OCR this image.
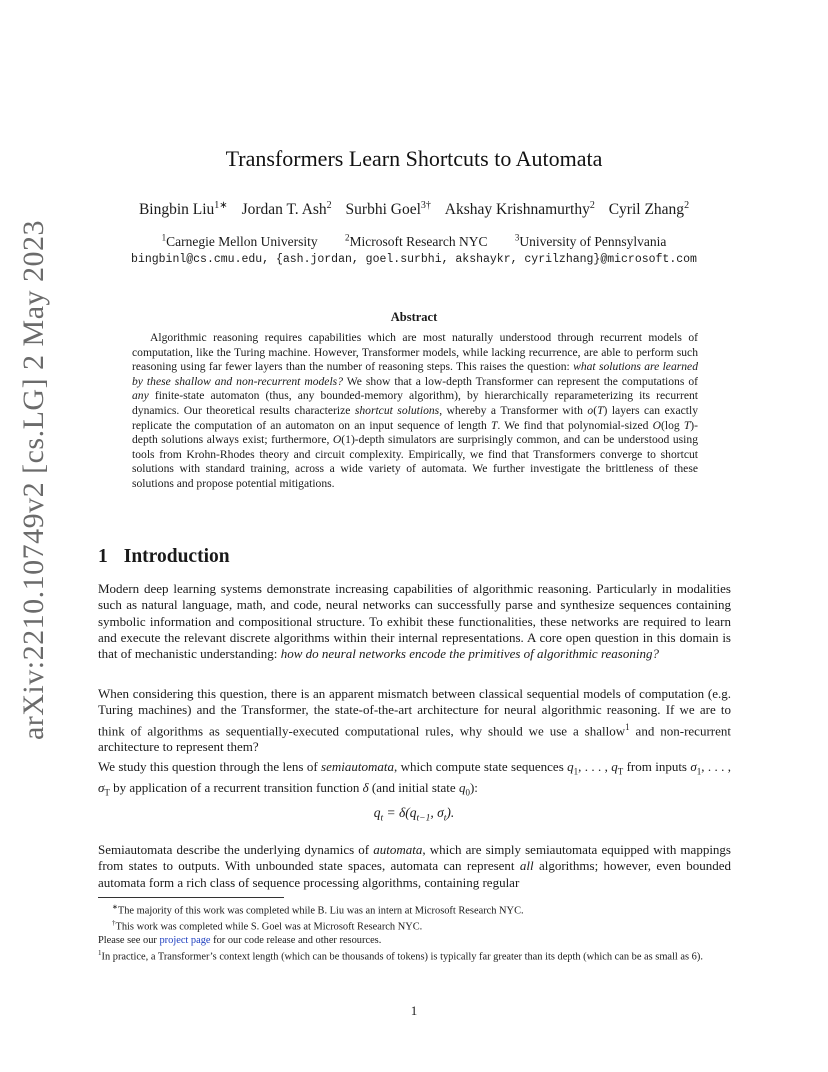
arXiv:2210.10749v2 [cs.LG] 2 May 2023
Transformers Learn Shortcuts to Automata
Bingbin Liu$^{1∗}$ Jordan T. Ash$^2$ Surbhi Goel$^{3\dagger}$ Akshay Krishnamurthy$^2$ Cyril Zhang$^2$
$^1$Carnegie Mellon University	$^2$Microsoft Research NYC	$^3$University of Pennsylvania
bingbinl@cs.cmu.edu, {ash.jordan, goel.surbhi, akshaykr, cyrilzhang}@microsoft.com
Abstract

Algorithmic reasoning requires capabilities which are most naturally understood through recurrent models of computation, like the Turing machine. However, Transformer models, while lacking recurrence, are able to perform such reasoning using far fewer layers than the number of reasoning steps. This raises the question: what solutions are learned by these shallow and non-recurrent models? We show that a low-depth Transformer can represent the computations of any finite-state automaton (thus, any bounded-memory algorithm), by hierarchically reparameterizing its recurrent dynamics. Our theoretical results characterize shortcut solutions, whereby a Transformer with o(T) layers can exactly replicate the computation of an automaton on an input sequence of length T. We find that polynomial-sized O(log T)-depth solutions always exist; furthermore, O(1)-depth simulators are surprisingly common, and can be understood using tools from Krohn-Rhodes theory and circuit complexity. Empirically, we find that Transformers converge to shortcut solutions with standard training, across a wide variety of automata. We further investigate the brittleness of these solutions and propose potential mitigations.

1 Introduction

Modern deep learning systems demonstrate increasing capabilities of algorithmic reasoning. Particularly in modalities such as natural language, math, and code, neural networks can successfully parse and synthesize sequences containing symbolic information and compositional structure. To exhibit these functionalities, these networks are required to learn and execute the relevant discrete algorithms within their internal representations. A core open question in this domain is that of mechanistic understanding: how do neural networks encode the primitives of algorithmic reasoning?

When considering this question, there is an apparent mismatch between classical sequential models of computation (e.g. Turing machines) and the Transformer, the state-of-the-art architecture for neural algorithmic reasoning. If we are to think of algorithms as sequentially-executed computational rules, why should we use a shallow$^1$ and non-recurrent architecture to represent them?

We study this question through the lens of semiautomata, which compute state sequences $q_1$, . . . , $q_T$ from inputs $\sigma_1$, . . . , $\sigma_T$ by application of a recurrent transition function δ (and initial state $q_0$):

$q_t = \delta(q_{t-1}$, $\sigma_t$).

Semiautomata describe the underlying dynamics of automata, which are simply semiautomata equipped with mappings from states to outputs. With unbounded state spaces, automata can represent all algorithms; however, even bounded automata form a rich class of sequence processing algorithms, containing regular

∗The majority of this work was completed while B. Liu was an intern at Microsoft Research NYC.
†This work was completed while S. Goel was at Microsoft Research NYC.
Please see our project page for our code release and other resources.
$^1$In practice, a Transformer’s context length (which can be thousands of tokens) is typically far greater than its depth (which can be as small as 6).
1
